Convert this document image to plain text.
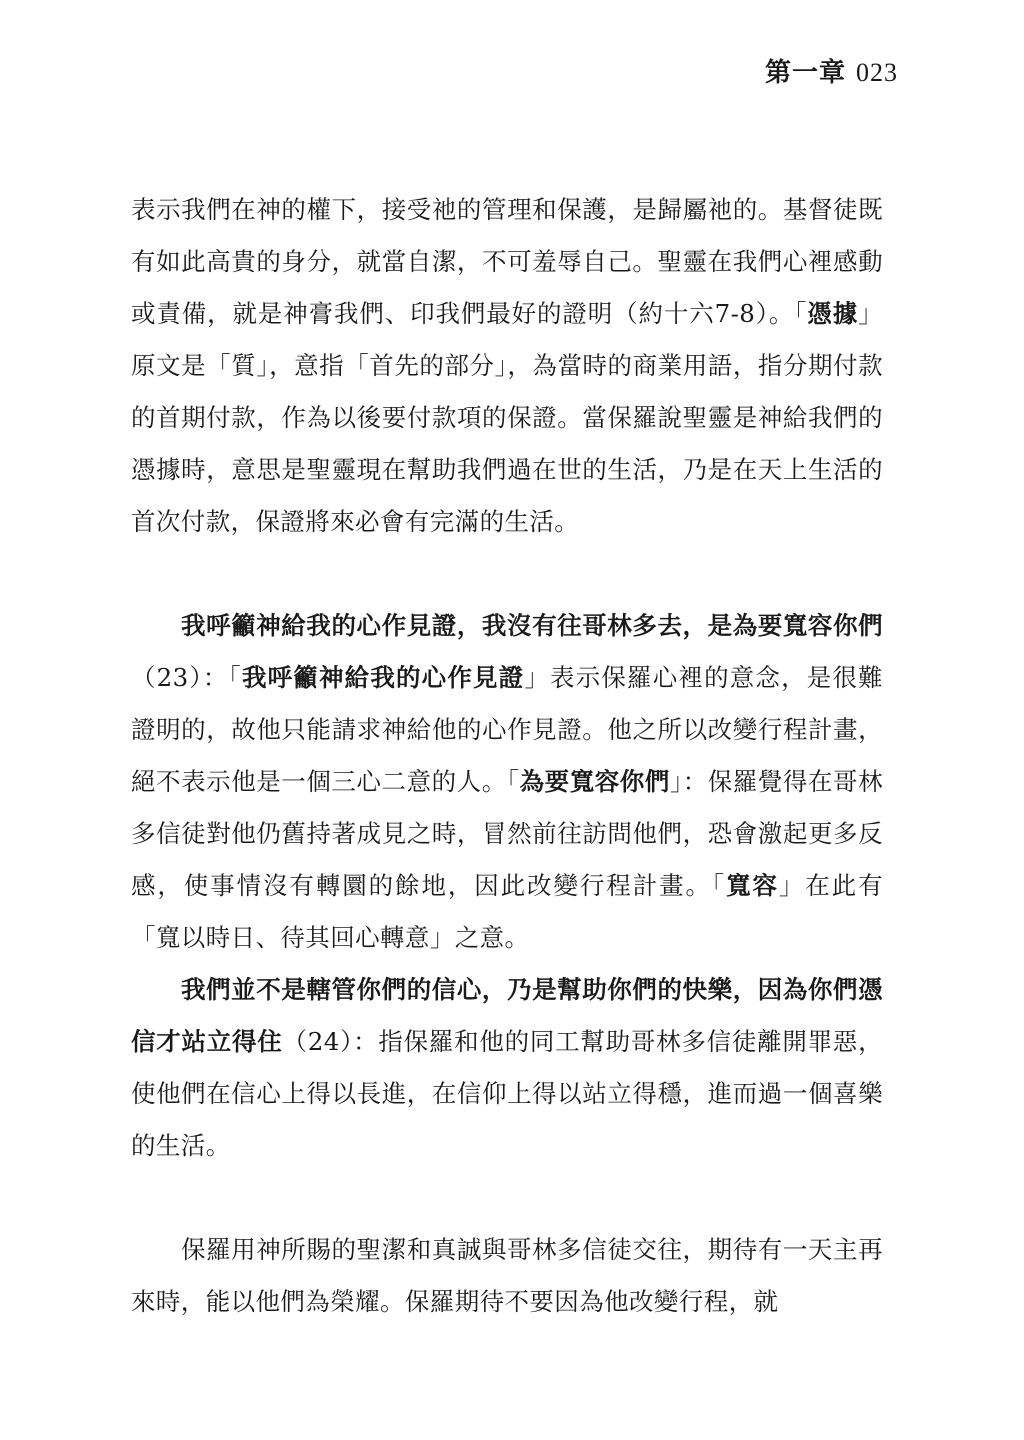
第一章 023

表示我們在神的權下，接受祂的管理和保護，是歸屬祂的。基督徒既有如此高貴的身分，就當自潔，不可羞辱自己。聖靈在我們心裡感動或責備，就是神膏我們、印我們最好的證明（約十六7-8）。「憑據」原文是「質」，意指「首先的部分」，為當時的商業用語，指分期付款的首期付款，作為以後要付款項的保證。當保羅說聖靈是神給我們的憑據時，意思是聖靈現在幫助我們過在世的生活，乃是在天上生活的首次付款，保證將來必會有完滿的生活。

我呼籲神給我的心作見證，我沒有往哥林多去，是為要寬容你們（23）：「我呼籲神給我的心作見證」表示保羅心裡的意念，是很難證明的，故他只能請求神給他的心作見證。他之所以改變行程計畫，絕不表示他是一個三心二意的人。「為要寬容你們」：保羅覺得在哥林多信徒對他仍舊持著成見之時，冒然前往訪問他們，恐會激起更多反感，使事情沒有轉圜的餘地，因此改變行程計畫。「寬容」在此有「寬以時日、待其回心轉意」之意。

我們並不是轄管你們的信心，乃是幫助你們的快樂，因為你們憑信才站立得住（24）：指保羅和他的同工幫助哥林多信徒離開罪惡，使他們在信心上得以長進，在信仰上得以站立得穩，進而過一個喜樂的生活。

保羅用神所賜的聖潔和真誠與哥林多信徒交往，期待有一天主再來時，能以他們為榮耀。保羅期待不要因為他改變行程，就
